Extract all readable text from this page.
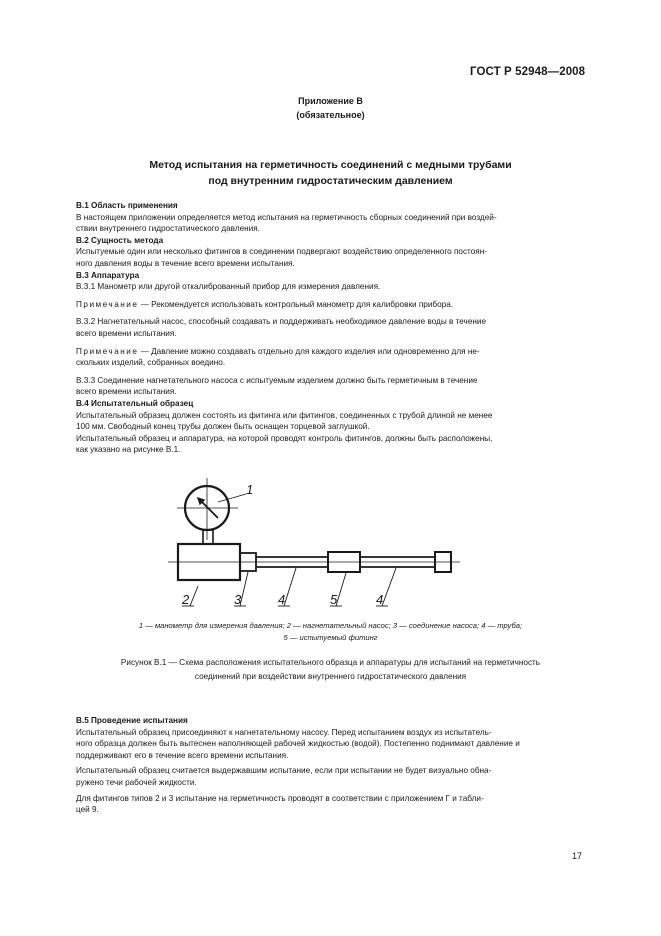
ГОСТ Р 52948—2008
Приложение В
(обязательное)
Метод испытания на герметичность соединений с медными трубами
под внутренним гидростатическим давлением
В.1 Область применения
В настоящем приложении определяется метод испытания на герметичность сборных соединений при воздей-
ствии внутреннего гидростатического давления.
В.2 Сущность метода
Испытуемые один или несколько фитингов в соединении подвергают воздействию определенного постоян-
ного давления воды в течение всего времени испытания.
В.3 Аппаратура
В.3.1 Манометр или другой откалиброванный прибор для измерения давления.
Примечание — Рекомендуется использовать контрольный манометр для калибровки прибора.
В.3.2 Нагнетательный насос, способный создавать и поддерживать необходимое давление воды в течение
всего времени испытания.
Примечание — Давление можно создавать отдельно для каждого изделия или одновременно для не-
скольких изделий, собранных воедино.
В.3.3 Соединение нагнетательного насоса с испытуемым изделием должно быть герметичным в течение
всего времени испытания.
В.4 Испытательный образец
Испытательный образец должен состоять из фитинга или фитингов, соединенных с трубой длиной не менее
100 мм. Свободный конец трубы должен быть оснащен торцевой заглушкой.
Испытательный образец и аппаратура, на которой проводят контроль фитингов, должны быть расположены,
как указано на рисунке В.1.
1
2	3	4	5	4
1 — манометр для измерения давления; 2 — нагнетательный насос; 3 — соединение насоса; 4 — труба;
5 — испытуемый фитинг
Рисунок В.1 — Схема расположения испытательного образца и аппаратуры для испытаний на герметичность
соединений при воздействии внутреннего гидростатического давления
В.5 Проведение испытания
Испытательный образец присоединяют к нагнетательному насосу. Перед испытанием воздух из испытатель-
ного образца должен быть вытеснен наполняющей рабочей жидкостью (водой). Постепенно поднимают давление и
поддерживают его в течение всего времени испытания.
Испытательный образец считается выдержавшим испытание, если при испытании не будет визуально обна-
ружено течи рабочей жидкости.
Для фитингов типов 2 и 3 испытание на герметичность проводят в соответствии с приложением Г и табли-
цей 9.
17
